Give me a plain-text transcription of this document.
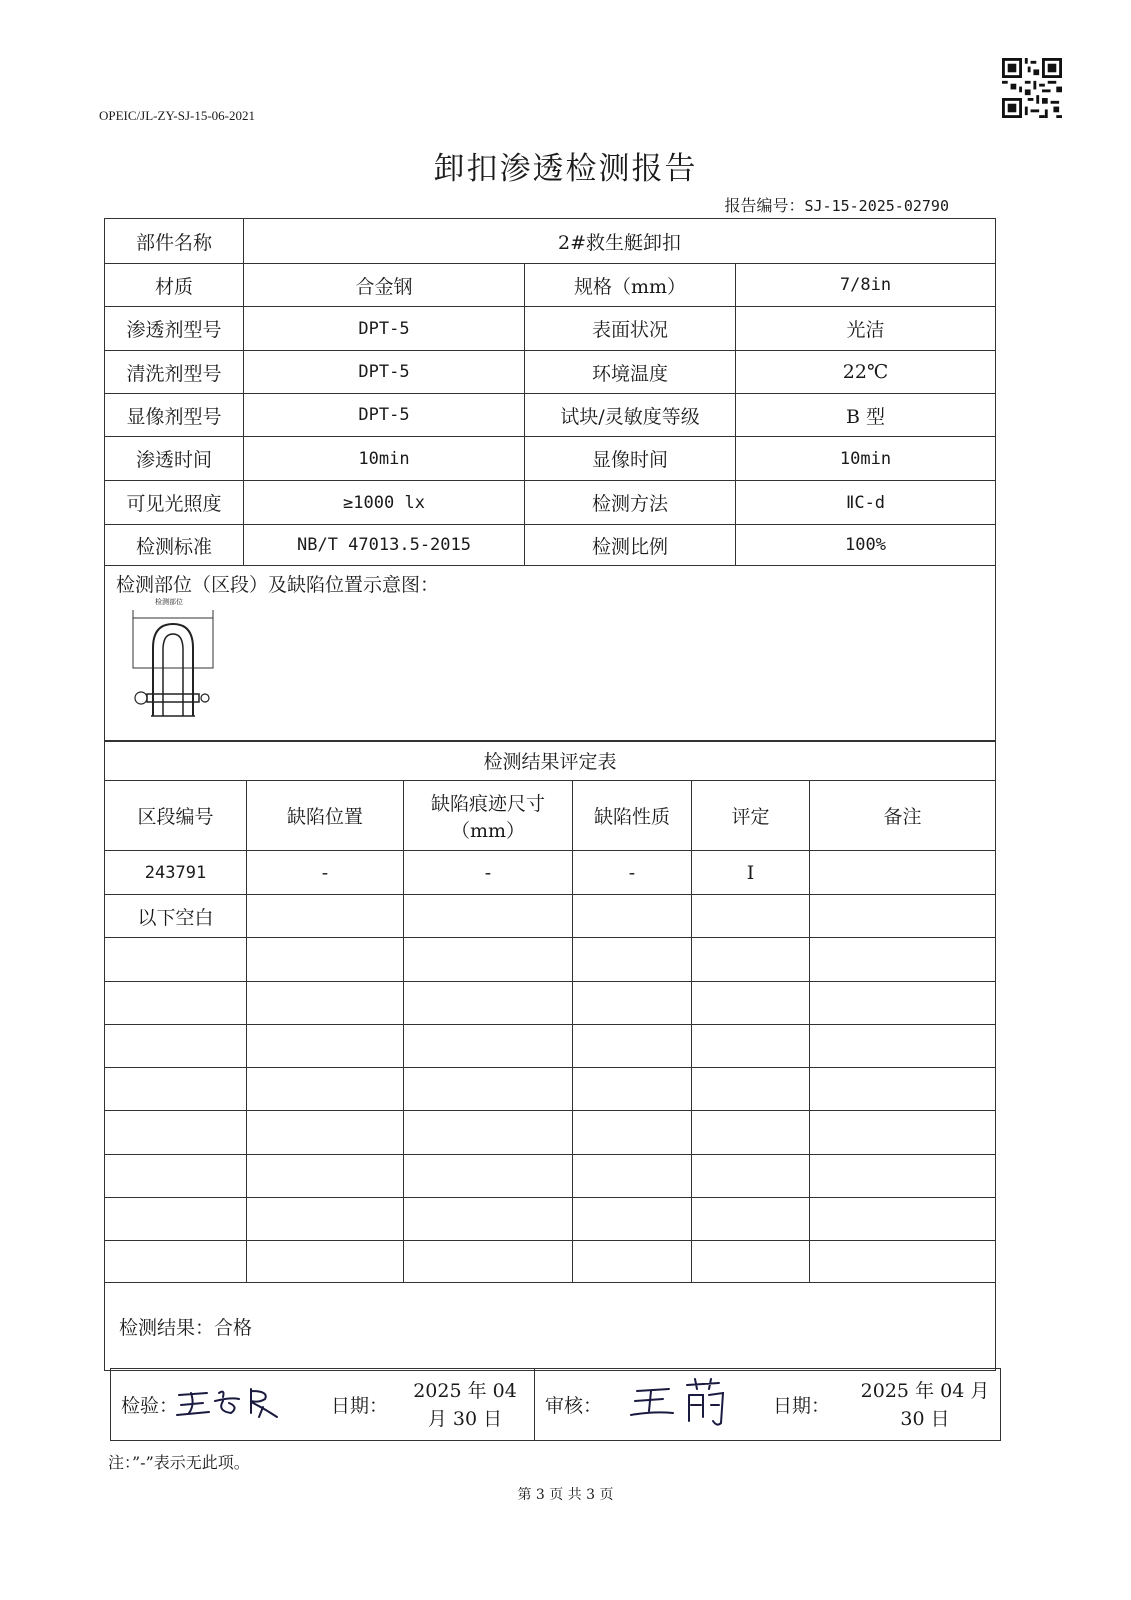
OPEIC/JL-ZY-SJ-15-06-2021
卸扣渗透检测报告
报告编号：SJ-15-2025-02790
部件名称	2#救生艇卸扣		
材质	合金钢	规格（mm）	7/8in
渗透剂型号	DPT-5	表面状况	光洁
清洗剂型号	DPT-5	环境温度	22℃
显像剂型号	DPT-5	试块/灵敏度等级	B 型
渗透时间	10min	显像时间	10min
可见光照度	≥1000 lx	检测方法	ⅡC-d
检测标准	NB/T 47013.5-2015	检测比例	100%

检测部位（区段）及缺陷位置示意图：
检测部位			
检测结果评定表					
区段编号	缺陷位置	缺陷痕迹尺寸（mm）	缺陷性质	评定	备注
243791	-	-	-	Ⅰ	
以下空白					

检测结果：合格					
检验：	日期：
2025 年 04 月 30 日

审核：	日期：
2025 年 04 月 30 日
注：”-”表示无此项。
第 3 页 共 3 页
